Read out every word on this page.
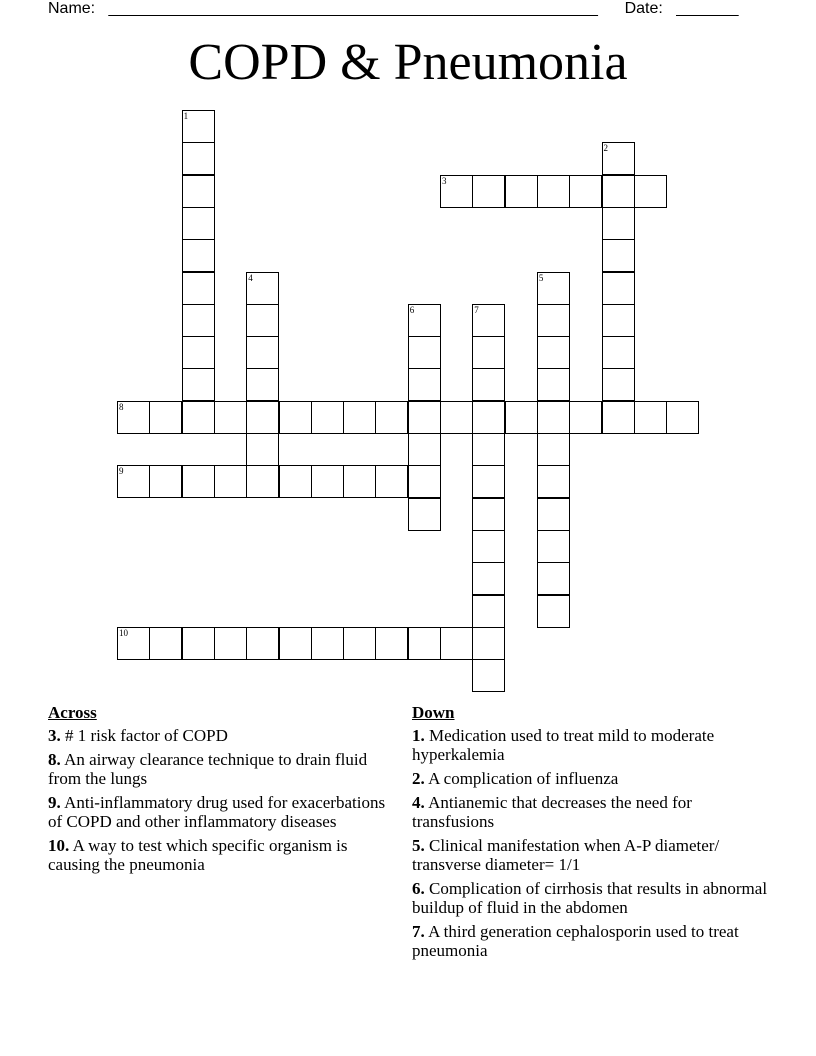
Name: _______________________________________________________ Date: _______
COPD & Pneumonia
1
2
3
4	5
6	7
8
9
10
Across
3. # 1 risk factor of COPD
8. An airway clearance technique to drain fluid from the lungs
9. Anti-inflammatory drug used for exacerbations of COPD and other inflammatory diseases
10. A way to test which specific organism is causing the pneumonia
Down
1. Medication used to treat mild to moderate hyperkalemia
2. A complication of influenza
4. Antianemic that decreases the need for transfusions
5. Clinical manifestation when A-P diameter/ transverse diameter= 1/1
6. Complication of cirrhosis that results in abnormal buildup of fluid in the abdomen
7. A third generation cephalosporin used to treat pneumonia
